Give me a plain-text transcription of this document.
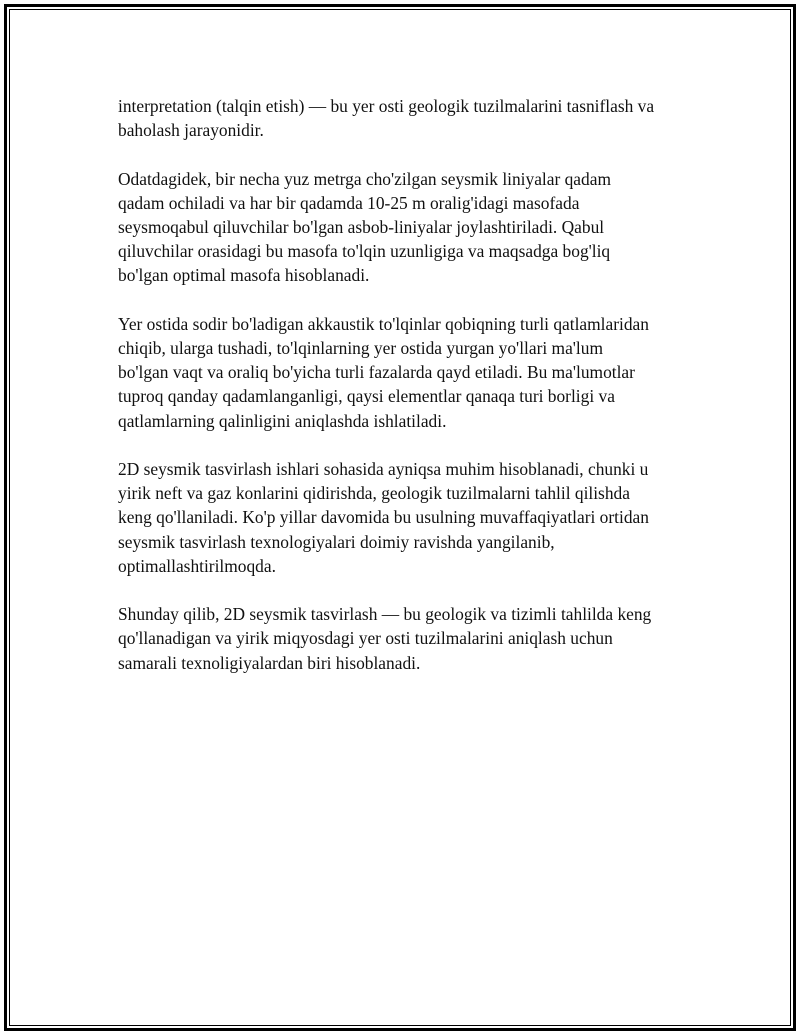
interpretation (talqin etish) — bu yer osti geologik tuzilmalarini tasniflash va
baholash jarayonidir.

Odatdagidek, bir necha yuz metrga cho'zilgan seysmik liniyalar qadam
qadam ochiladi va har bir qadamda 10-25 m oralig'idagi masofada
seysmoqabul qiluvchilar bo'lgan asbob-liniyalar joylashtiriladi. Qabul
qiluvchilar orasidagi bu masofa to'lqin uzunligiga va maqsadga bog'liq
bo'lgan optimal masofa hisoblanadi.

Yer ostida sodir bo'ladigan akkaustik to'lqinlar qobiqning turli qatlamlaridan
chiqib, ularga tushadi, to'lqinlarning yer ostida yurgan yo'llari ma'lum
bo'lgan vaqt va oraliq bo'yicha turli fazalarda qayd etiladi. Bu ma'lumotlar
tuproq qanday qadamlanganligi, qaysi elementlar qanaqa turi borligi va
qatlamlarning qalinligini aniqlashda ishlatiladi.

2D seysmik tasvirlash ishlari sohasida ayniqsa muhim hisoblanadi, chunki u
yirik neft va gaz konlarini qidirishda, geologik tuzilmalarni tahlil qilishda
keng qo'llaniladi. Ko'p yillar davomida bu usulning muvaffaqiyatlari ortidan
seysmik tasvirlash texnologiyalari doimiy ravishda yangilanib,
optimallashtirilmoqda.

Shunday qilib, 2D seysmik tasvirlash — bu geologik va tizimli tahlilda keng
qo'llanadigan va yirik miqyosdagi yer osti tuzilmalarini aniqlash uchun
samarali texnoligiyalardan biri hisoblanadi.
